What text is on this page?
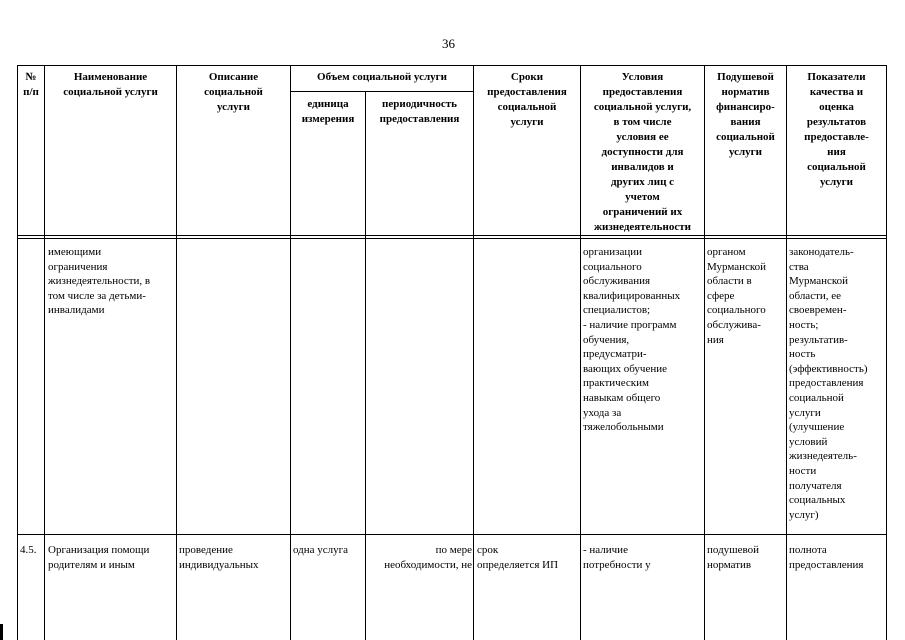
36
№
п/п
Наименование
социальной услуги
Описание
социальной
услуги
Объем социальной услуги
единица
измерения
периодичность
предоставления
Сроки
предоставления
социальной
услуги
Условия
предоставления
социальной услуги,
в том числе
условия ее
доступности для
инвалидов и
других лиц с
учетом
ограничений их
жизнедеятельности
Подушевой
норматив
финансиро-
вания
социальной
услуги
Показатели
качества и
оценка
результатов
предоставле-
ния
социальной
услуги
имеющими
ограничения
жизнедеятельности, в
том числе за детьми-
инвалидами
организации
социального
обслуживания
квалифицированных
специалистов;
- наличие программ
обучения,
предусматри-
вающих обучение
практическим
навыкам общего
ухода за
тяжелобольными
органом
Мурманской
области в
сфере
социального
обслужива-
ния
законодатель-
ства
Мурманской
области, ее
своевремен-
ность;
результатив-
ность
(эффективность)
предоставления
социальной
услуги
(улучшение
условий
жизнедеятель-
ности
получателя
социальных
услуг)
4.5.	Организация помощи
родителям и иным
проведение
индивидуальных
одна услуга	по мере
необходимости, не
срок
определяется ИП
- наличие
потребности у
подушевой
норматив
полнота
предоставления
